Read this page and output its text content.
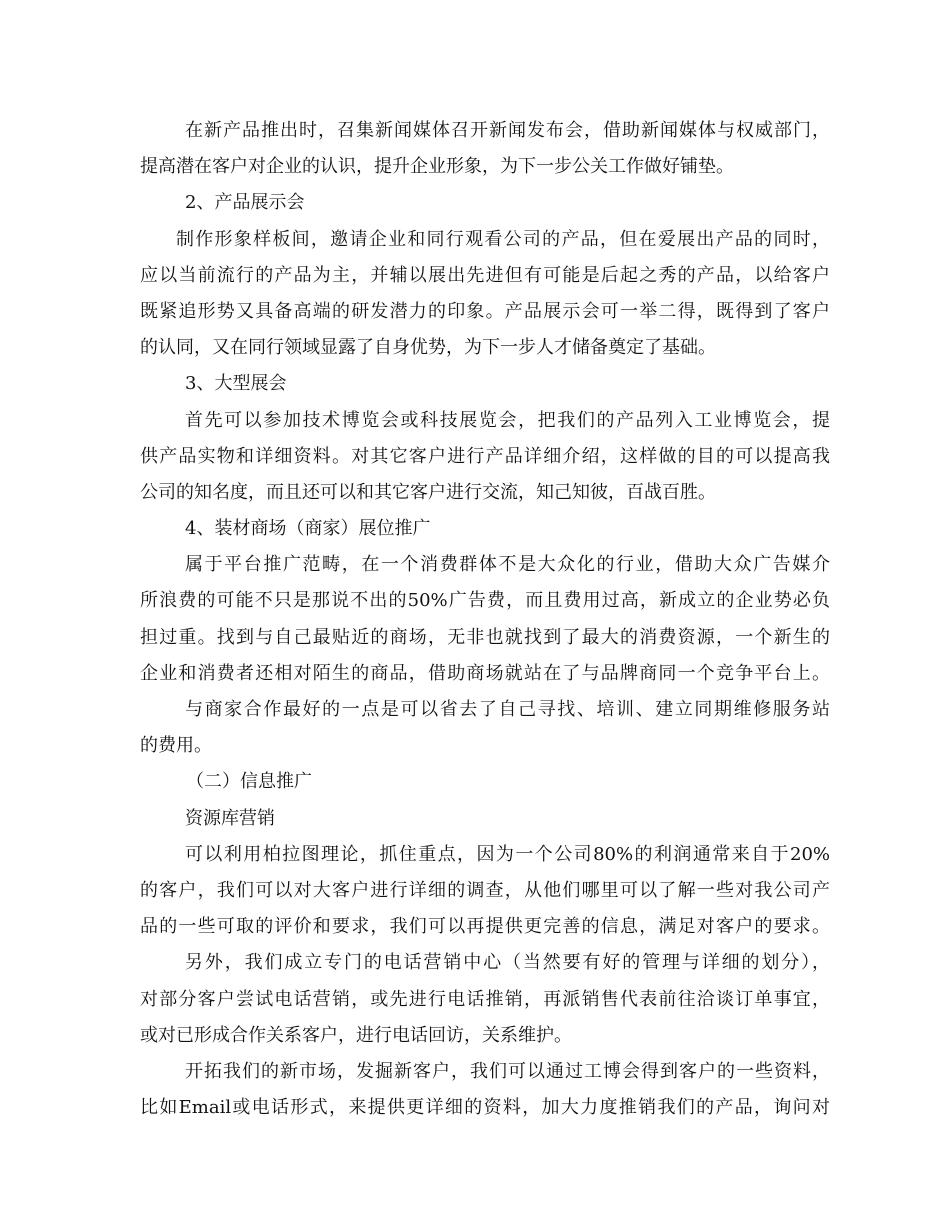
在新产品推出时，召集新闻媒体召开新闻发布会，借助新闻媒体与权威部门，
提高潜在客户对企业的认识，提升企业形象，为下一步公关工作做好铺垫。
2、产品展示会
制作形象样板间，邀请企业和同行观看公司的产品，但在爱展出产品的同时，
应以当前流行的产品为主，并辅以展出先进但有可能是后起之秀的产品，以给客户
既紧追形势又具备高端的研发潜力的印象。产品展示会可一举二得，既得到了客户
的认同，又在同行领域显露了自身优势，为下一步人才储备奠定了基础。
3、大型展会
首先可以参加技术博览会或科技展览会，把我们的产品列入工业博览会，提
供产品实物和详细资料。对其它客户进行产品详细介绍，这样做的目的可以提高我
公司的知名度，而且还可以和其它客户进行交流，知己知彼，百战百胜。
4、装材商场（商家）展位推广
属于平台推广范畴，在一个消费群体不是大众化的行业，借助大众广告媒介
所浪费的可能不只是那说不出的50%广告费，而且费用过高，新成立的企业势必负
担过重。找到与自己最贴近的商场，无非也就找到了最大的消费资源，一个新生的
企业和消费者还相对陌生的商品，借助商场就站在了与品牌商同一个竞争平台上。
与商家合作最好的一点是可以省去了自己寻找、培训、建立同期维修服务站
的费用。
（二）信息推广
资源库营销
可以利用柏拉图理论，抓住重点，因为一个公司80%的利润通常来自于20%
的客户，我们可以对大客户进行详细的调查，从他们哪里可以了解一些对我公司产
品的一些可取的评价和要求，我们可以再提供更完善的信息，满足对客户的要求。
另外，我们成立专门的电话营销中心（当然要有好的管理与详细的划分），
对部分客户尝试电话营销，或先进行电话推销，再派销售代表前往洽谈订单事宜，
或对已形成合作关系客户，进行电话回访，关系维护。
开拓我们的新市场，发掘新客户，我们可以通过工博会得到客户的一些资料，
比如Email或电话形式，来提供更详细的资料，加大力度推销我们的产品，询问对
